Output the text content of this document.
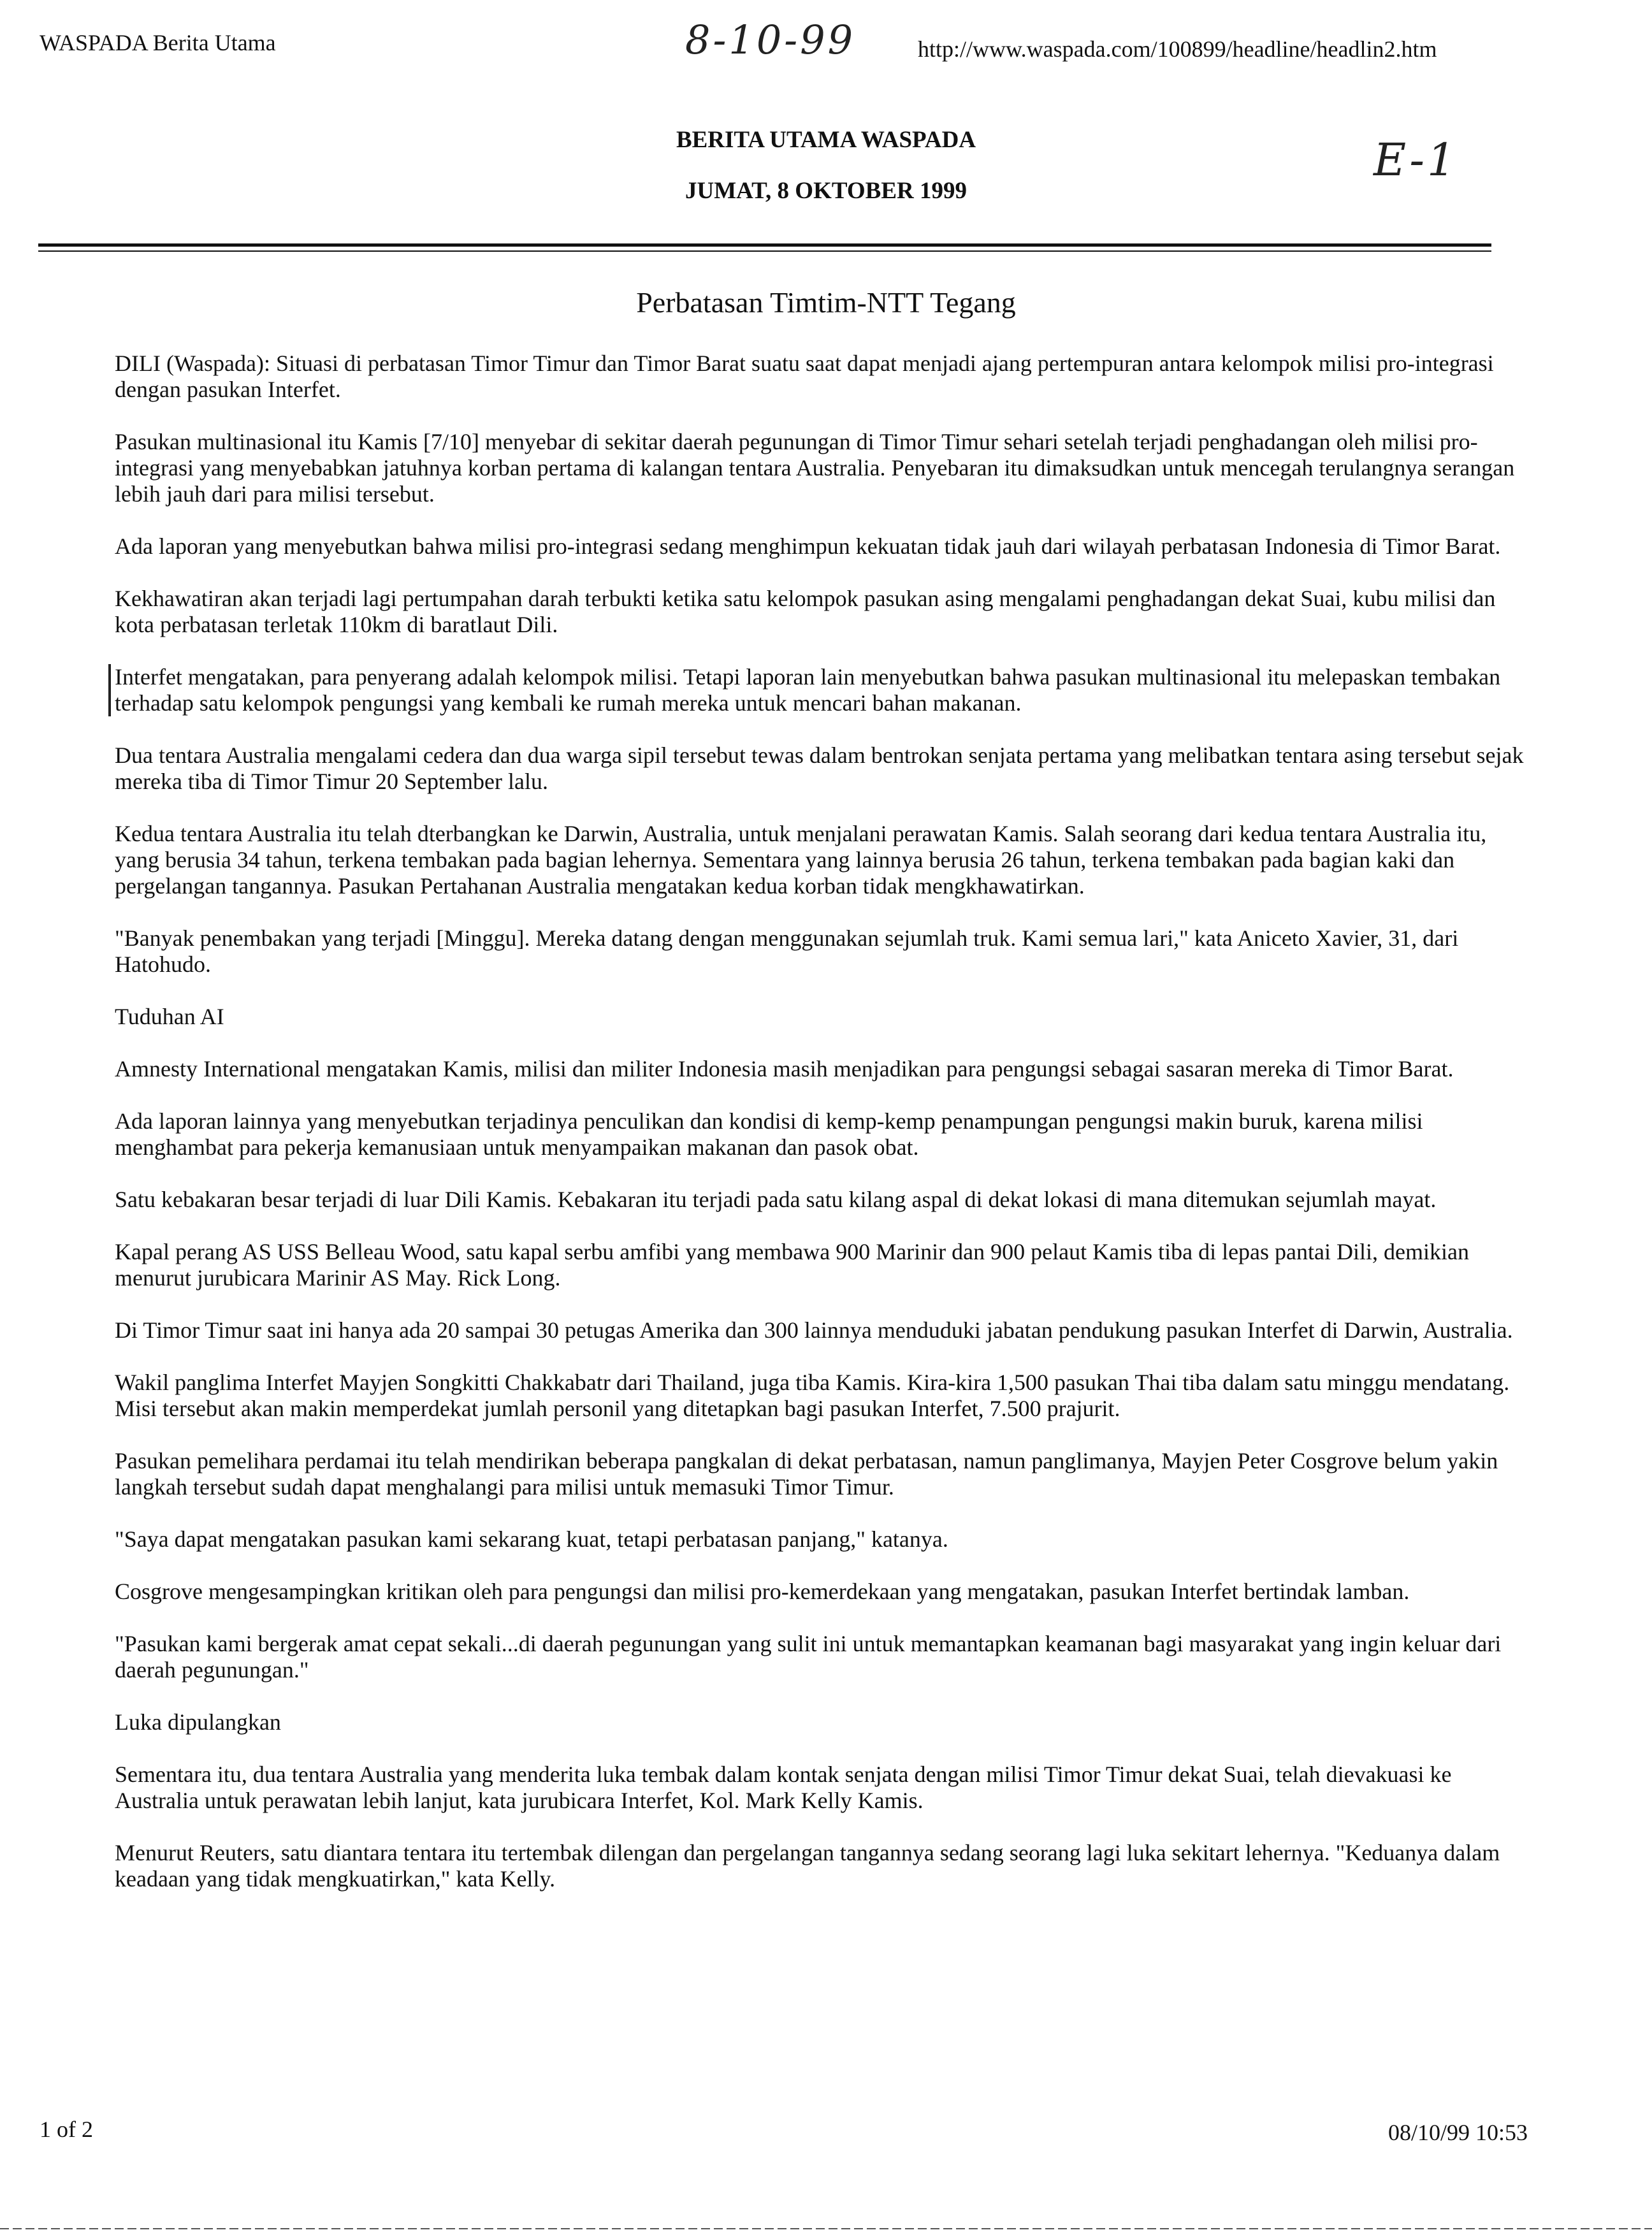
WASPADA Berita Utama	8-10-99	http://www.waspada.com/100899/headline/headlin2.htm
BERITA UTAMA WASPADA
JUMAT, 8 OKTOBER 1999
E-1
Perbatasan Timtim-NTT Tegang

DILI (Waspada): Situasi di perbatasan Timor Timur dan Timor Barat suatu saat dapat menjadi ajang pertempuran antara kelompok milisi pro-integrasi dengan pasukan Interfet.

Pasukan multinasional itu Kamis [7/10] menyebar di sekitar daerah pegunungan di Timor Timur sehari setelah terjadi penghadangan oleh milisi pro-integrasi yang menyebabkan jatuhnya korban pertama di kalangan tentara Australia. Penyebaran itu dimaksudkan untuk mencegah terulangnya serangan lebih jauh dari para milisi tersebut.

Ada laporan yang menyebutkan bahwa milisi pro-integrasi sedang menghimpun kekuatan tidak jauh dari wilayah perbatasan Indonesia di Timor Barat.

Kekhawatiran akan terjadi lagi pertumpahan darah terbukti ketika satu kelompok pasukan asing mengalami penghadangan dekat Suai, kubu milisi dan kota perbatasan terletak 110km di baratlaut Dili.

Interfet mengatakan, para penyerang adalah kelompok milisi. Tetapi laporan lain menyebutkan bahwa pasukan multinasional itu melepaskan tembakan terhadap satu kelompok pengungsi yang kembali ke rumah mereka untuk mencari bahan makanan.

Dua tentara Australia mengalami cedera dan dua warga sipil tersebut tewas dalam bentrokan senjata pertama yang melibatkan tentara asing tersebut sejak mereka tiba di Timor Timur 20 September lalu.

Kedua tentara Australia itu telah dterbangkan ke Darwin, Australia, untuk menjalani perawatan Kamis. Salah seorang dari kedua tentara Australia itu, yang berusia 34 tahun, terkena tembakan pada bagian lehernya. Sementara yang lainnya berusia 26 tahun, terkena tembakan pada bagian kaki dan pergelangan tangannya. Pasukan Pertahanan Australia mengatakan kedua korban tidak mengkhawatirkan.

"Banyak penembakan yang terjadi [Minggu]. Mereka datang dengan menggunakan sejumlah truk. Kami semua lari," kata Aniceto Xavier, 31, dari Hatohudo.

Tuduhan AI

Amnesty International mengatakan Kamis, milisi dan militer Indonesia masih menjadikan para pengungsi sebagai sasaran mereka di Timor Barat.

Ada laporan lainnya yang menyebutkan terjadinya penculikan dan kondisi di kemp-kemp penampungan pengungsi makin buruk, karena milisi menghambat para pekerja kemanusiaan untuk menyampaikan makanan dan pasok obat.

Satu kebakaran besar terjadi di luar Dili Kamis. Kebakaran itu terjadi pada satu kilang aspal di dekat lokasi di mana ditemukan sejumlah mayat.

Kapal perang AS USS Belleau Wood, satu kapal serbu amfibi yang membawa 900 Marinir dan 900 pelaut Kamis tiba di lepas pantai Dili, demikian menurut jurubicara Marinir AS May. Rick Long.

Di Timor Timur saat ini hanya ada 20 sampai 30 petugas Amerika dan 300 lainnya menduduki jabatan pendukung pasukan Interfet di Darwin, Australia.

Wakil panglima Interfet Mayjen Songkitti Chakkabatr dari Thailand, juga tiba Kamis. Kira-kira 1,500 pasukan Thai tiba dalam satu minggu mendatang. Misi tersebut akan makin memperdekat jumlah personil yang ditetapkan bagi pasukan Interfet, 7.500 prajurit.

Pasukan pemelihara perdamai itu telah mendirikan beberapa pangkalan di dekat perbatasan, namun panglimanya, Mayjen Peter Cosgrove belum yakin langkah tersebut sudah dapat menghalangi para milisi untuk memasuki Timor Timur.

"Saya dapat mengatakan pasukan kami sekarang kuat, tetapi perbatasan panjang," katanya.

Cosgrove mengesampingkan kritikan oleh para pengungsi dan milisi pro-kemerdekaan yang mengatakan, pasukan Interfet bertindak lamban.

"Pasukan kami bergerak amat cepat sekali...di daerah pegunungan yang sulit ini untuk memantapkan keamanan bagi masyarakat yang ingin keluar dari daerah pegunungan."

Luka dipulangkan

Sementara itu, dua tentara Australia yang menderita luka tembak dalam kontak senjata dengan milisi Timor Timur dekat Suai, telah dievakuasi ke Australia untuk perawatan lebih lanjut, kata jurubicara Interfet, Kol. Mark Kelly Kamis.

Menurut Reuters, satu diantara tentara itu tertembak dilengan dan pergelangan tangannya sedang seorang lagi luka sekitart lehernya. "Keduanya dalam keadaan yang tidak mengkuatirkan," kata Kelly.

1 of 2	08/10/99 10:53
